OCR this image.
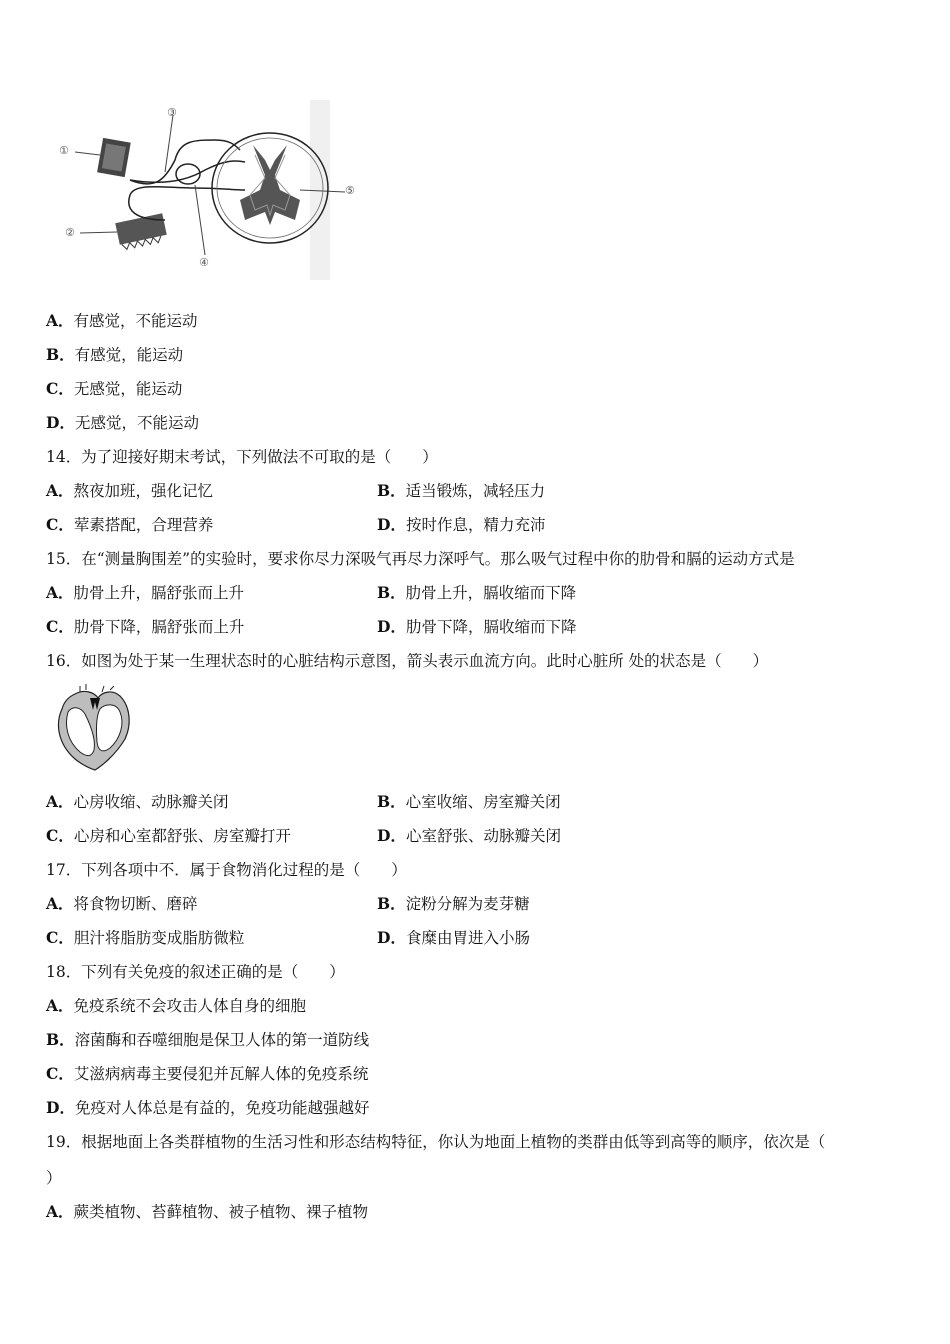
①
②
③
④
⑤
A．有感觉，不能运动
B．有感觉，能运动
C．无感觉，能运动
D．无感觉，不能运动
14．为了迎接好期末考试，下列做法不可取的是（　　）
A．熬夜加班，强化记忆	B．适当锻炼，减轻压力
C．荤素搭配，合理营养	D．按时作息，精力充沛
15．在“测量胸围差”的实验时，要求你尽力深吸气再尽力深呼气。那么吸气过程中你的肋骨和膈的运动方式是
A．肋骨上升，膈舒张而上升	B．肋骨上升，膈收缩而下降
C．肋骨下降，膈舒张而上升	D．肋骨下降，膈收缩而下降
16．如图为处于某一生理状态时的心脏结构示意图，箭头表示血流方向。此时心脏所 处的状态是（　　）
A．心房收缩、动脉瓣关闭	B．心室收缩、房室瓣关闭
C．心房和心室都舒张、房室瓣打开	D．心室舒张、动脉瓣关闭
17．下列各项中不．属于食物消化过程的是（　　）
A．将食物切断、磨碎	B．淀粉分解为麦芽糖
C．胆汁将脂肪变成脂肪微粒	D．食糜由胃进入小肠
18．下列有关免疫的叙述正确的是（　　）
A．免疫系统不会攻击人体自身的细胞
B．溶菌酶和吞噬细胞是保卫人体的第一道防线
C．艾滋病病毒主要侵犯并瓦解人体的免疫系统
D．免疫对人体总是有益的，免疫功能越强越好
19．根据地面上各类群植物的生活习性和形态结构特征，你认为地面上植物的类群由低等到高等的顺序，依次是（
）
A．蕨类植物、苔藓植物、被子植物、裸子植物
